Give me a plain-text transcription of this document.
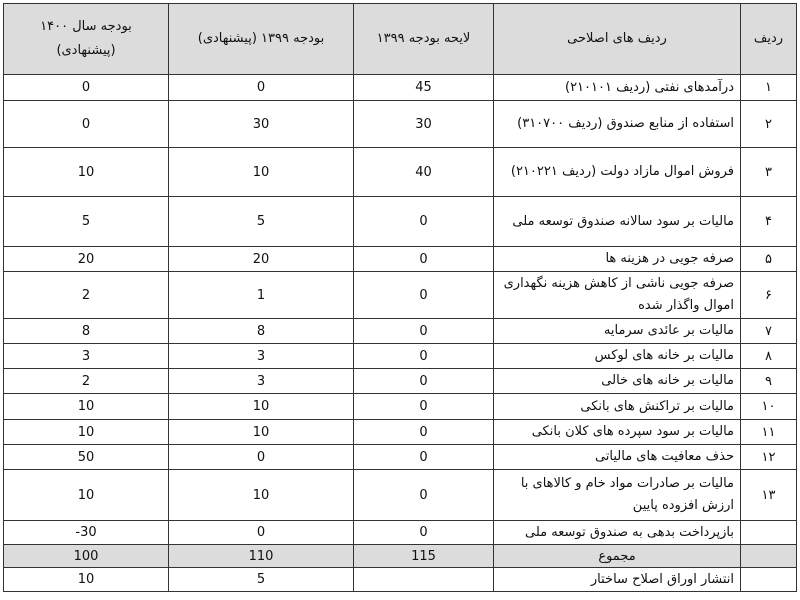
ردیف	ردیف های اصلاحی	لایحه بودجه ۱۳۹۹	بودجه ۱۳۹۹ (پیشنهادی)	بودجه سال ۱۴۰۰ (پیشنهادی)
۱	درآمدهای نفتی (ردیف ۲۱۰۱۰۱)	45	0	0
۲	استفاده از منابع صندوق (ردیف ۳۱۰۷۰۰)	30	30	0
۳	فروش اموال مازاد دولت (ردیف ۲۱۰۲۲۱)	40	10	10
۴	مالیات بر سود سالانه صندوق توسعه ملی	0	5	5
۵	صرفه جویی در هزینه ها	0	20	20
۶	صرفه جویی ناشی از کاهش هزینه نگهداری اموال واگذار شده	0	1	2
۷	مالیات بر عائدی سرمایه	0	8	8
۸	مالیات بر خانه های لوکس	0	3	3
۹	مالیات بر خانه های خالی	0	3	2
۱۰	مالیات بر تراکنش های بانکی	0	10	10
۱۱	مالیات بر سود سپرده های کلان بانکی	0	10	10
۱۲	حذف معافیت های مالیاتی	0	0	50
۱۳	مالیات بر صادرات مواد خام و کالاهای با ارزش افزوده پایین	0	10	10
	بازپرداخت بدهی به صندوق توسعه ملی	0	0	-30
	مجموع	115	110	100
	انتشار اوراق اصلاح ساختار		5	10
